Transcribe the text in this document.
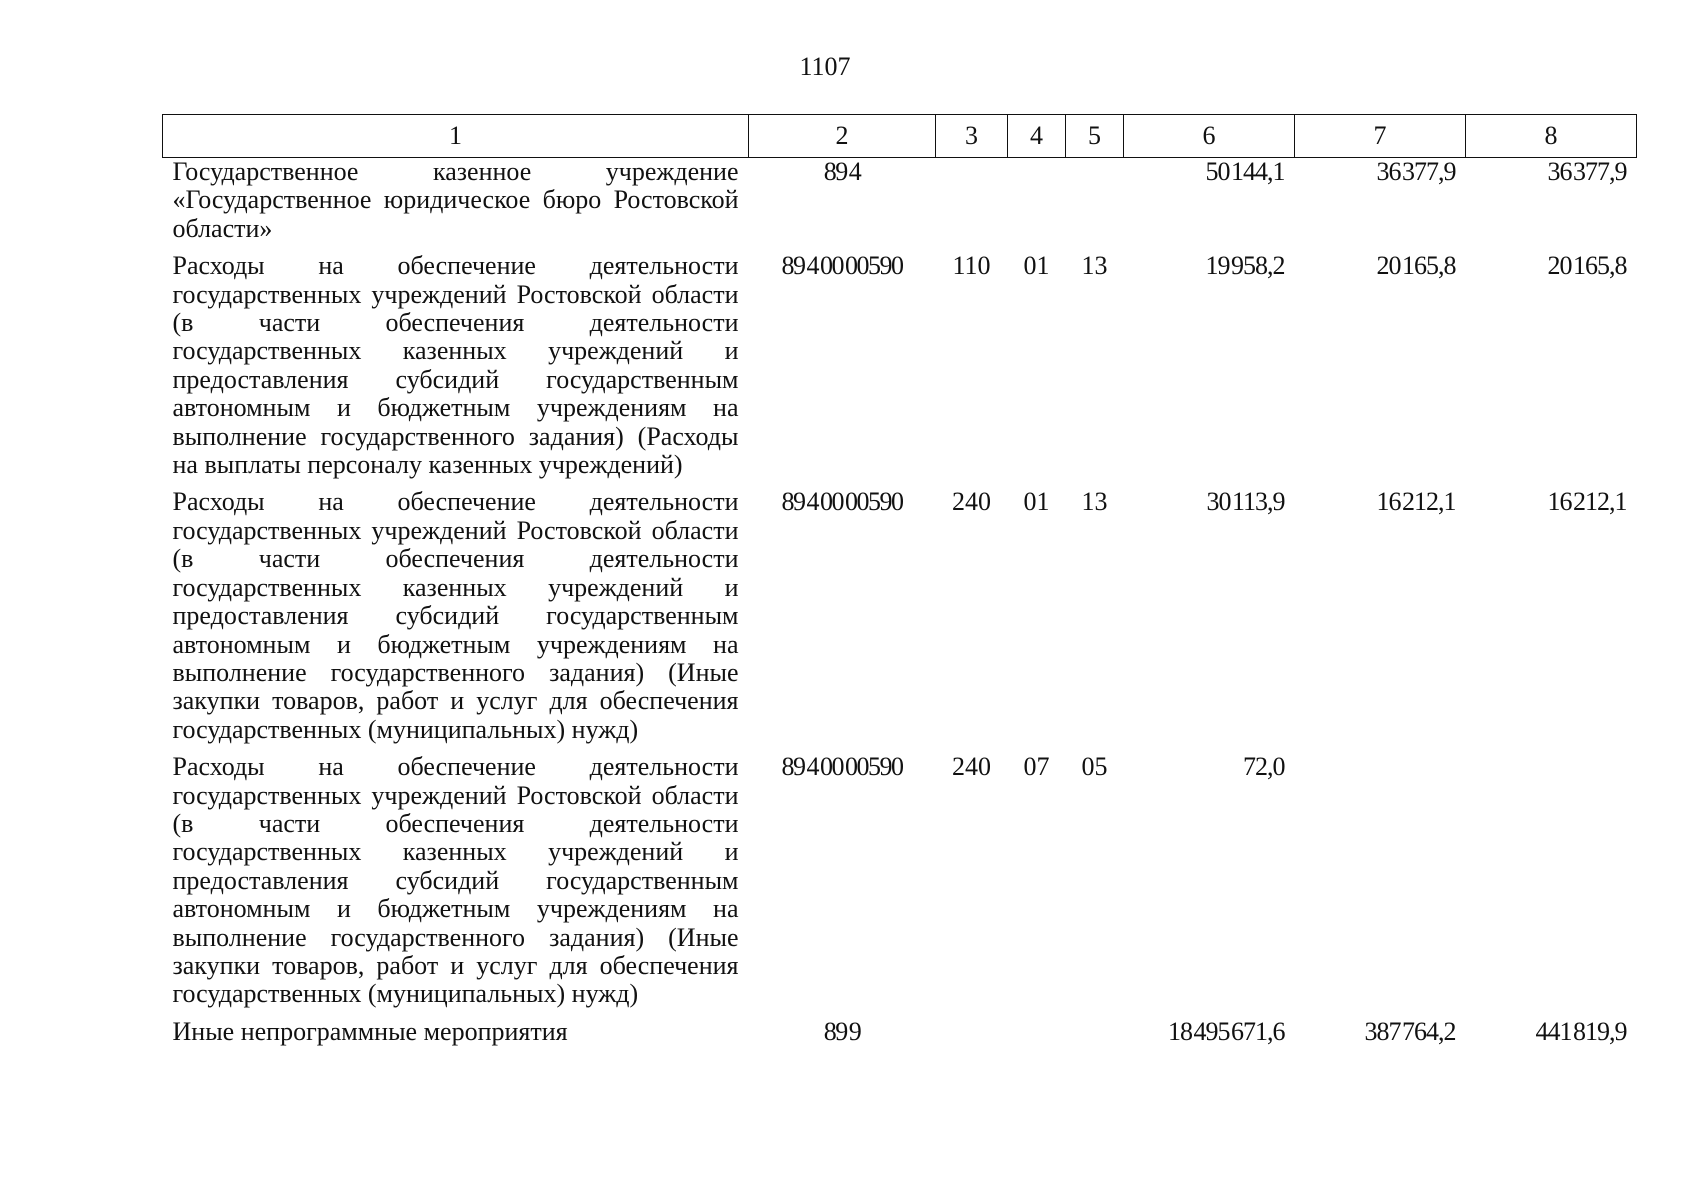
1107
1	2	3	4	5	6	7	8
Государственное казенное учреждение «Государственное юридическое бюро Ростовской области»	89 4				50 144,1	36 377,9	36 377,9
Расходы на обеспечение деятельности государственных учреждений Ростовской области (в части обеспечения деятельности государственных казенных учреждений и предоставления субсидий государственным автономным и бюджетным учреждениям на выполнение государственного задания) (Расходы на выплаты персоналу казенных учреждений)	89 4 00 00590	110	01	13	19 958,2	20 165,8	20 165,8
Расходы на обеспечение деятельности государственных учреждений Ростовской области (в части обеспечения деятельности государственных казенных учреждений и предоставления субсидий государственным автономным и бюджетным учреждениям на выполнение государственного задания) (Иные закупки товаров, работ и услуг для обеспечения государственных (муниципальных) нужд)	89 4 00 00590	240	01	13	30 113,9	16 212,1	16 212,1
Расходы на обеспечение деятельности государственных учреждений Ростовской области (в части обеспечения деятельности государственных казенных учреждений и предоставления субсидий государственным автономным и бюджетным учреждениям на выполнение государственного задания) (Иные закупки товаров, работ и услуг для обеспечения государственных (муниципальных) нужд)	89 4 00 00590	240	07	05	72,0		
Иные непрограммные мероприятия	89 9				18 495 671,6	387 764,2	441 819,9
